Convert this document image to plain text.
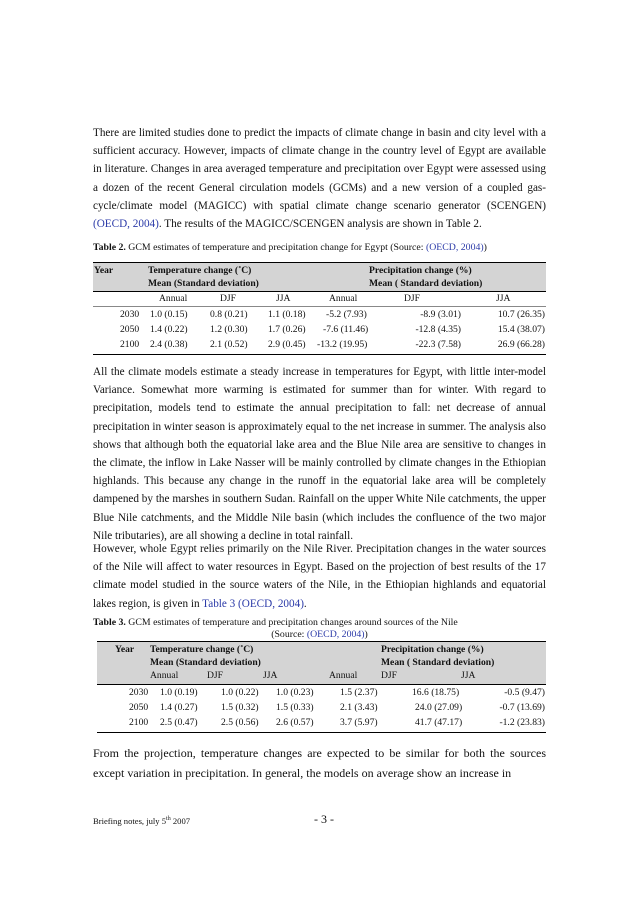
There are limited studies done to predict the impacts of climate change in basin and city level with a sufficient accuracy. However, impacts of climate change in the country level of Egypt are available in literature. Changes in area averaged temperature and precipitation over Egypt were assessed using a dozen of the recent General circulation models (GCMs) and a new version of a coupled gas-cycle/climate model (MAGICC) with spatial climate change scenario generator (SCENGEN) (OECD, 2004). The results of the MAGICC/SCENGEN analysis are shown in Table 2.

Table 2. GCM estimates of temperature and precipitation change for Egypt (Source: (OECD, 2004))

Year	Temperature change (˚C)
Mean (Standard deviation)
Precipitation change (%)
Mean ( Standard deviation)
Annual	DJF	JJA	Annual	DJF	JJA
2030 1.0 (0.15) 0.8 (0.21) 1.1 (0.18) -5.2 (7.93)	-8.9 (3.01)	10.7 (26.35)
2050 1.4 (0.22) 1.2 (0.30) 1.7 (0.26) -7.6 (11.46)	-12.8 (4.35)	15.4 (38.07)
2100 2.4 (0.38) 2.1 (0.52) 2.9 (0.45) -13.2 (19.95)	-22.3 (7.58)	26.9 (66.28)

All the climate models estimate a steady increase in temperatures for Egypt, with little inter-model Variance. Somewhat more warming is estimated for summer than for winter. With regard to precipitation, models tend to estimate the annual precipitation to fall: net decrease of annual precipitation in winter season is approximately equal to the net increase in summer. The analysis also shows that although both the equatorial lake area and the Blue Nile area are sensitive to changes in the climate, the inflow in Lake Nasser will be mainly controlled by climate changes in the Ethiopian highlands. This because any change in the runoff in the equatorial lake area will be completely dampened by the marshes in southern Sudan. Rainfall on the upper White Nile catchments, the upper Blue Nile catchments, and the Middle Nile basin (which includes the confluence of the two major Nile tributaries), are all showing a decline in total rainfall.

However, whole Egypt relies primarily on the Nile River. Precipitation changes in the water sources of the Nile will affect to water resources in Egypt. Based on the projection of best results of the 17 climate model studied in the source waters of the Nile, in the Ethiopian highlands and equatorial lakes region, is given in Table 3 (OECD, 2004).

Table 3. GCM estimates of temperature and precipitation changes around sources of the Nile

(Source: (OECD, 2004))

Year Temperature change (˚C)
Mean (Standard deviation)
Precipitation change (%)
Mean ( Standard deviation)
Annual	DJF	JJA	Annual DJF	JJA
2030 1.0 (0.19) 1.0 (0.22) 1.0 (0.23)	1.5 (2.37)	16.6 (18.75)	-0.5 (9.47)
2050 1.4 (0.27) 1.5 (0.32) 1.5 (0.33)	2.1 (3.43)	24.0 (27.09)	-0.7 (13.69)
2100 2.5 (0.47) 2.5 (0.56) 2.6 (0.57)	3.7 (5.97)	41.7 (47.17)	-1.2 (23.83)

From the projection, temperature changes are expected to be similar for both the sources except variation in precipitation. In general, the models on average show an increase in

Briefing notes, july 5th 2007	- 3 -
